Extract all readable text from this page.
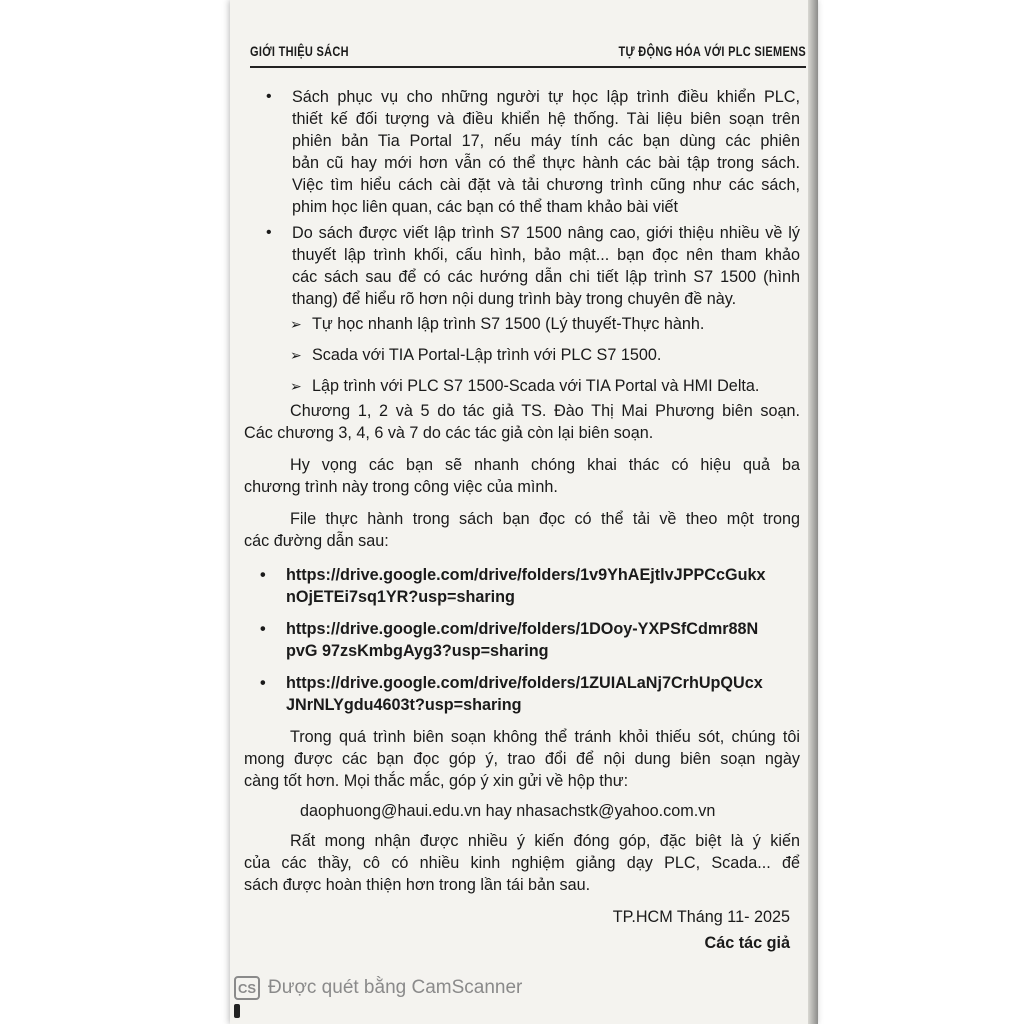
GIỚI THIỆU SÁCH	TỰ ĐỘNG HÓA VỚI PLC SIEMENS
• Sách phục vụ cho những người tự học lập trình điều khiển PLC,
thiết kế đối tượng và điều khiển hệ thống. Tài liệu biên soạn trên
phiên bản Tia Portal 17, nếu máy tính các bạn dùng các phiên
bản cũ hay mới hơn vẫn có thể thực hành các bài tập trong sách.
Việc tìm hiểu cách cài đặt và tải chương trình cũng như các sách,
phim học liên quan, các bạn có thể tham khảo bài viết
• Do sách được viết lập trình S7 1500 nâng cao, giới thiệu nhiều về lý
thuyết lập trình khối, cấu hình, bảo mật... bạn đọc nên tham khảo
các sách sau để có các hướng dẫn chi tiết lập trình S7 1500 (hình
thang) để hiểu rõ hơn nội dung trình bày trong chuyên đề này.
➢ Tự học nhanh lập trình S7 1500 (Lý thuyết-Thực hành.
➢ Scada với TIA Portal-Lập trình với PLC S7 1500.
➢ Lập trình với PLC S7 1500-Scada với TIA Portal và HMI Delta.
Chương 1, 2 và 5 do tác giả TS. Đào Thị Mai Phương biên soạn.
Các chương 3, 4, 6 và 7 do các tác giả còn lại biên soạn.
Hy vọng các bạn sẽ nhanh chóng khai thác có hiệu quả ba
chương trình này trong công việc của mình.
File thực hành trong sách bạn đọc có thể tải về theo một trong
các đường dẫn sau:
• https://drive.google.com/drive/folders/1v9YhAEjtlvJPPCcGukx
nOjETEi7sq1YR?usp=sharing
• https://drive.google.com/drive/folders/1DOoy-YXPSfCdmr88N
pvG 97zsKmbgAyg3?usp=sharing
• https://drive.google.com/drive/folders/1ZUIALaNj7CrhUpQUcx
JNrNLYgdu4603t?usp=sharing
Trong quá trình biên soạn không thể tránh khỏi thiếu sót, chúng tôi
mong được các bạn đọc góp ý, trao đổi để nội dung biên soạn ngày
càng tốt hơn. Mọi thắc mắc, góp ý xin gửi về hộp thư:
daophuong@haui.edu.vn hay nhasachstk@yahoo.com.vn
Rất mong nhận được nhiều ý kiến đóng góp, đặc biệt là ý kiến
của các thầy, cô có nhiều kinh nghiệm giảng dạy PLC, Scada... để
sách được hoàn thiện hơn trong lần tái bản sau.
TP.HCM Tháng 11- 2025
Các tác giả
CS Được quét bằng CamScanner
